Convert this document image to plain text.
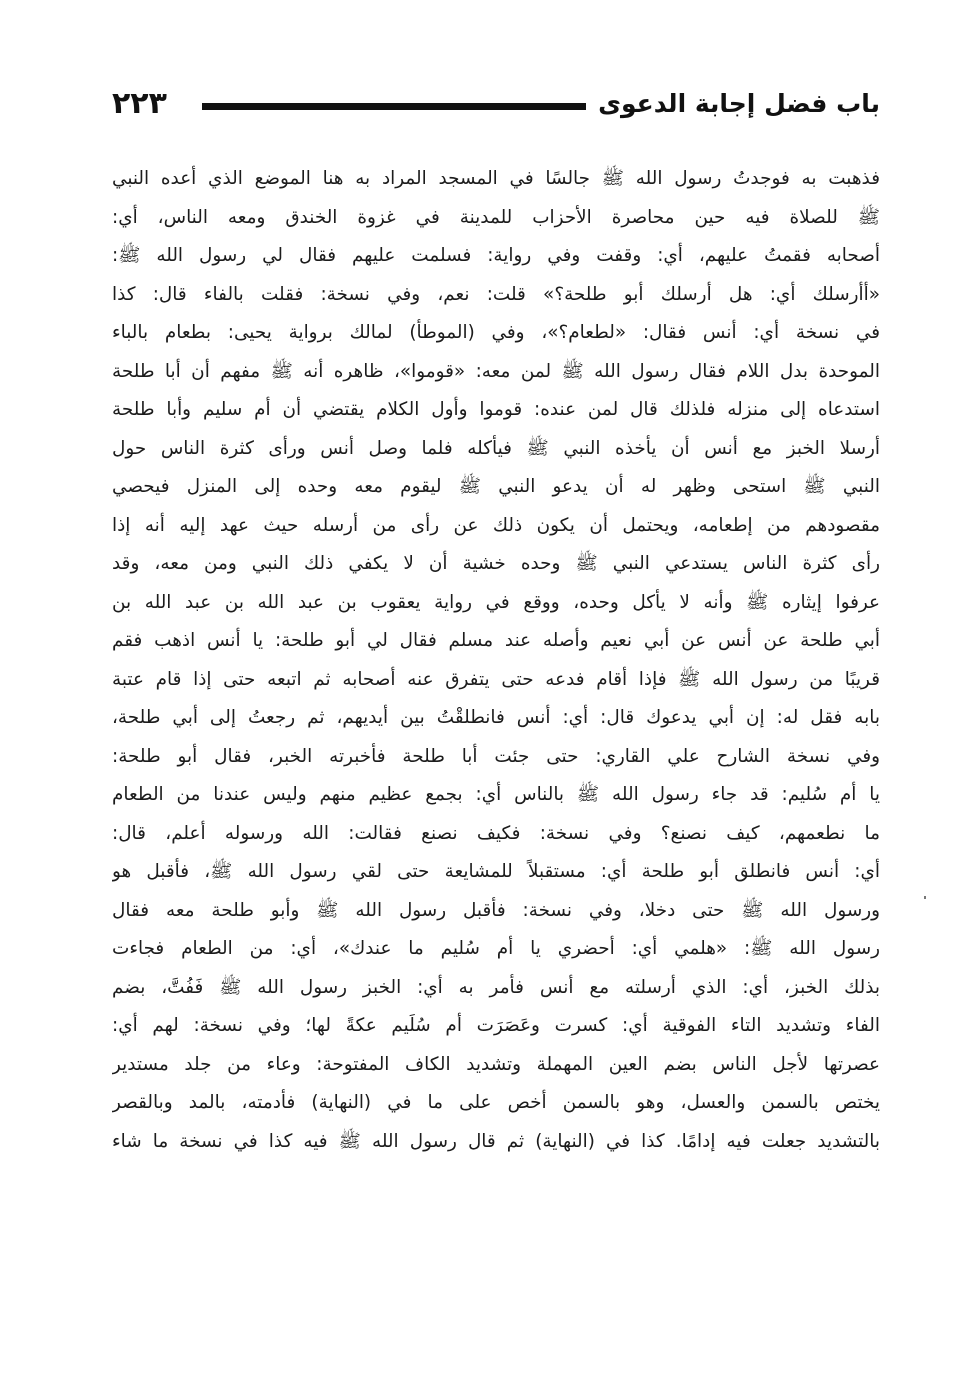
٢٢٣	باب فضل إجابة الدعوى
فذهبت به فوجدتُ رسول الله ﷺ جالسًا في المسجد المراد به هنا الموضع الذي أعده النبي
ﷺ للصلاة فيه حين محاصرة الأحزاب للمدينة في غزوة الخندق ومعه الناس، أي:
أصحابه فقمتُ عليهم، أي: وقفت وفي رواية: فسلمت عليهم فقال لي رسول الله ﷺ:
«أأرسلك أي: هل أرسلك أبو طلحة؟» قلت: نعم، وفي نسخة: فقلت بالفاء قال: كذا
في نسخة أي: أنس فقال: «لطعام؟»، وفي (الموطأ) لمالك برواية يحيى: بطعام بالباء
الموحدة بدل اللام فقال رسول الله ﷺ لمن معه: «قوموا»، ظاهره أنه ﷺ مفهم أن أبا طلحة
استدعاه إلى منزله فلذلك قال لمن عنده: قوموا وأول الكلام يقتضي أن أم سليم وأبا طلحة
أرسلا الخبز مع أنس أن يأخذه النبي ﷺ فيأكله فلما وصل أنس ورأى كثرة الناس حول
النبي ﷺ استحى وظهر له أن يدعو النبي ﷺ ليقوم معه وحده إلى المنزل فيحصي
مقصودهم من إطعامه، ويحتمل أن يكون ذلك عن رأى من أرسله حيث عهد إليه أنه إذا
رأى كثرة الناس يستدعي النبي ﷺ وحده خشية أن لا يكفي ذلك النبي ومن معه، وقد
عرفوا إيثاره ﷺ وأنه لا يأكل وحده، ووقع في رواية يعقوب بن عبد الله بن عبد الله بن
أبي طلحة عن أنس عن أبي نعيم وأصله عند مسلم فقال لي أبو طلحة: يا أنس اذهب فقم
قريبًا من رسول الله ﷺ فإذا أقام فدعه حتى يتفرق عنه أصحابه ثم اتبعه حتى إذا قام عتبة
بابه فقل له: إن أبي يدعوك قال: أي: أنس فانطلقْتُ بين أيديهم، ثم رجعتُ إلى أبي طلحة،
وفي نسخة الشارح علي القاري: حتى جئت أبا طلحة فأخبرته الخبر، فقال أبو طلحة:
يا أم سُليم: قد جاء رسول الله ﷺ بالناس أي: بجمع عظيم منهم وليس عندنا من الطعام
ما نطعمهم، كيف نصنع؟ وفي نسخة: فكيف نصنع فقالت: الله ورسوله أعلم، قال:
أي: أنس فانطلق أبو طلحة أي: مستقبلاً للمشايعة حتى لقي رسول الله ﷺ، فأقبل هو
ورسول الله ﷺ حتى دخلا، وفي نسخة: فأقبل رسول الله ﷺ وأبو طلحة معه فقال
رسول الله ﷺ: «هلمي أي: أحضري يا أم سُليم ما عندك»، أي: من الطعام فجاءت
بذلك الخبز، أي: الذي أرسلته مع أنس فأمر به أي: الخبز رسول الله ﷺ فَفُتَّ، بضم
الفاء وتشديد التاء الفوقية أي: كسرت وعَصَرَت أم سُلَيم عكةً لها؛ وفي نسخة: لهم أي:
عصرتها لأجل الناس بضم العين المهملة وتشديد الكاف المفتوحة: وعاء من جلد مستدير
يختص بالسمن والعسل، وهو بالسمن أخص على ما في (النهاية) فأدمته، بالمد وبالقصر
بالتشديد جعلت فيه إدامًا. كذا في (النهاية) ثم قال رسول الله ﷺ فيه كذا في نسخة ما شاء
